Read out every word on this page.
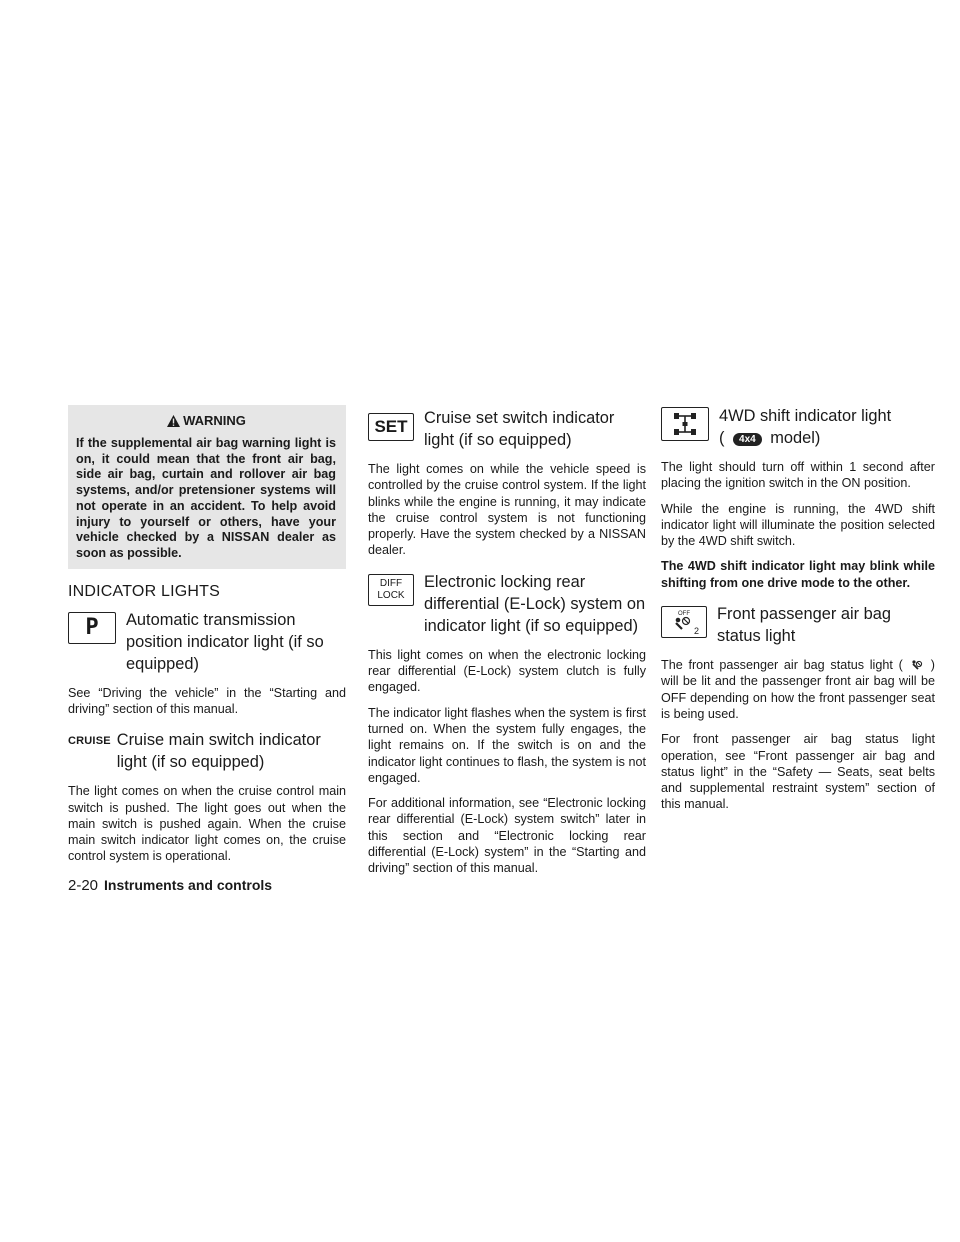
WARNING
If the supplemental air bag warning light is on, it could mean that the front air bag, side air bag, curtain and rollover air bag systems, and/or pretensioner systems will not operate in an accident. To help avoid injury to yourself or others, have your vehicle checked by a NISSAN dealer as soon as possible.
INDICATOR LIGHTS
P Automatic transmission position indicator light (if so equipped)

See “Driving the vehicle” in the “Starting and driving” section of this manual.

CRUISE Cruise main switch indicator light (if so equipped)

The light comes on when the cruise control main switch is pushed. The light goes out when the main switch is pushed again. When the cruise main switch indicator light comes on, the cruise control system is operational.

SET Cruise set switch indicator light (if so equipped)

The light comes on while the vehicle speed is controlled by the cruise control system. If the light blinks while the engine is running, it may indicate the cruise control system is not functioning properly. Have the system checked by a NISSAN dealer.

DIFF
LOCK
Electronic locking rear differential (E-Lock) system on indicator light (if so equipped)

This light comes on when the electronic locking rear differential (E-Lock) system clutch is fully engaged.

The indicator light flashes when the system is first turned on. When the system fully engages, the light remains on. If the switch is on and the indicator light continues to flash, the system is not engaged.

For additional information, see “Electronic locking rear differential (E-Lock) system switch” later in this section and “Electronic locking rear differential (E-Lock) system” in the “Starting and driving” section of this manual.

4WD shift indicator light
( 4x4 model)

The light should turn off within 1 second after placing the ignition switch in the ON position.

While the engine is running, the 4WD shift indicator light will illuminate the position selected by the 4WD shift switch.

The 4WD shift indicator light may blink while shifting from one drive mode to the other.

OFF
2
Front passenger air bag status light

The front passenger air bag status light ( ) will be lit and the passenger front air bag will be OFF depending on how the front passenger seat is being used.

For front passenger air bag status light operation, see “Front passenger air bag and status light” in the “Safety — Seats, seat belts and supplemental restraint system” section of this manual.

2-20 Instruments and controls
